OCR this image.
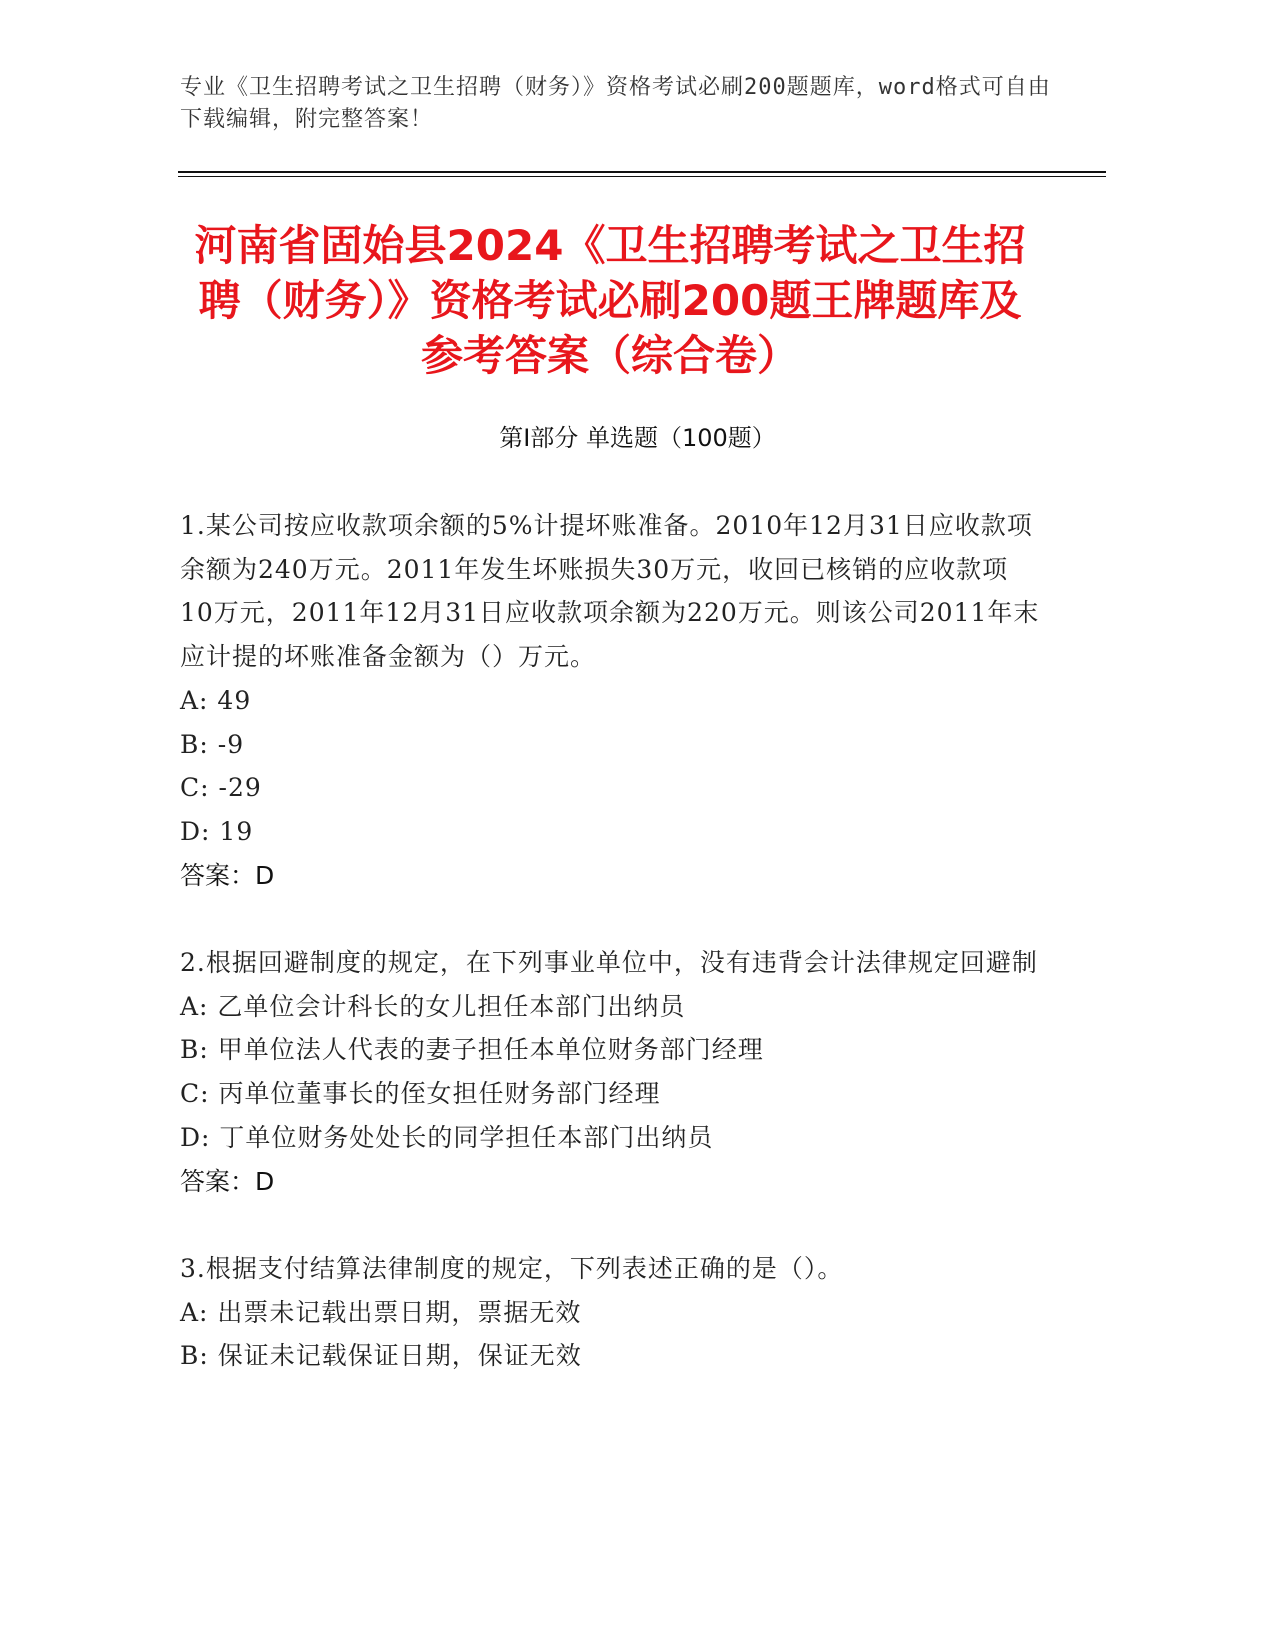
专业《卫生招聘考试之卫生招聘（财务）》资格考试必刷200题题库，word格式可自由下载编辑，附完整答案！
河南省固始县2024《卫生招聘考试之卫生招聘（财务）》资格考试必刷200题王牌题库及参考答案（综合卷）
第Ⅰ部分 单选题（100题）
1.某公司按应收款项余额的5%计提坏账准备。2010年12月31日应收款项余额为240万元。2011年发生坏账损失30万元，收回已核销的应收款项10万元，2011年12月31日应收款项余额为220万元。则该公司2011年末应计提的坏账准备金额为（）万元。
A: 49
B: -9
C: -29
D: 19
答案：D
2.根据回避制度的规定，在下列事业单位中，没有违背会计法律规定回避制
A: 乙单位会计科长的女儿担任本部门出纳员
B: 甲单位法人代表的妻子担任本单位财务部门经理
C: 丙单位董事长的侄女担任财务部门经理
D: 丁单位财务处处长的同学担任本部门出纳员
答案：D
3.根据支付结算法律制度的规定，下列表述正确的是（）。
A: 出票未记载出票日期，票据无效
B: 保证未记载保证日期，保证无效
